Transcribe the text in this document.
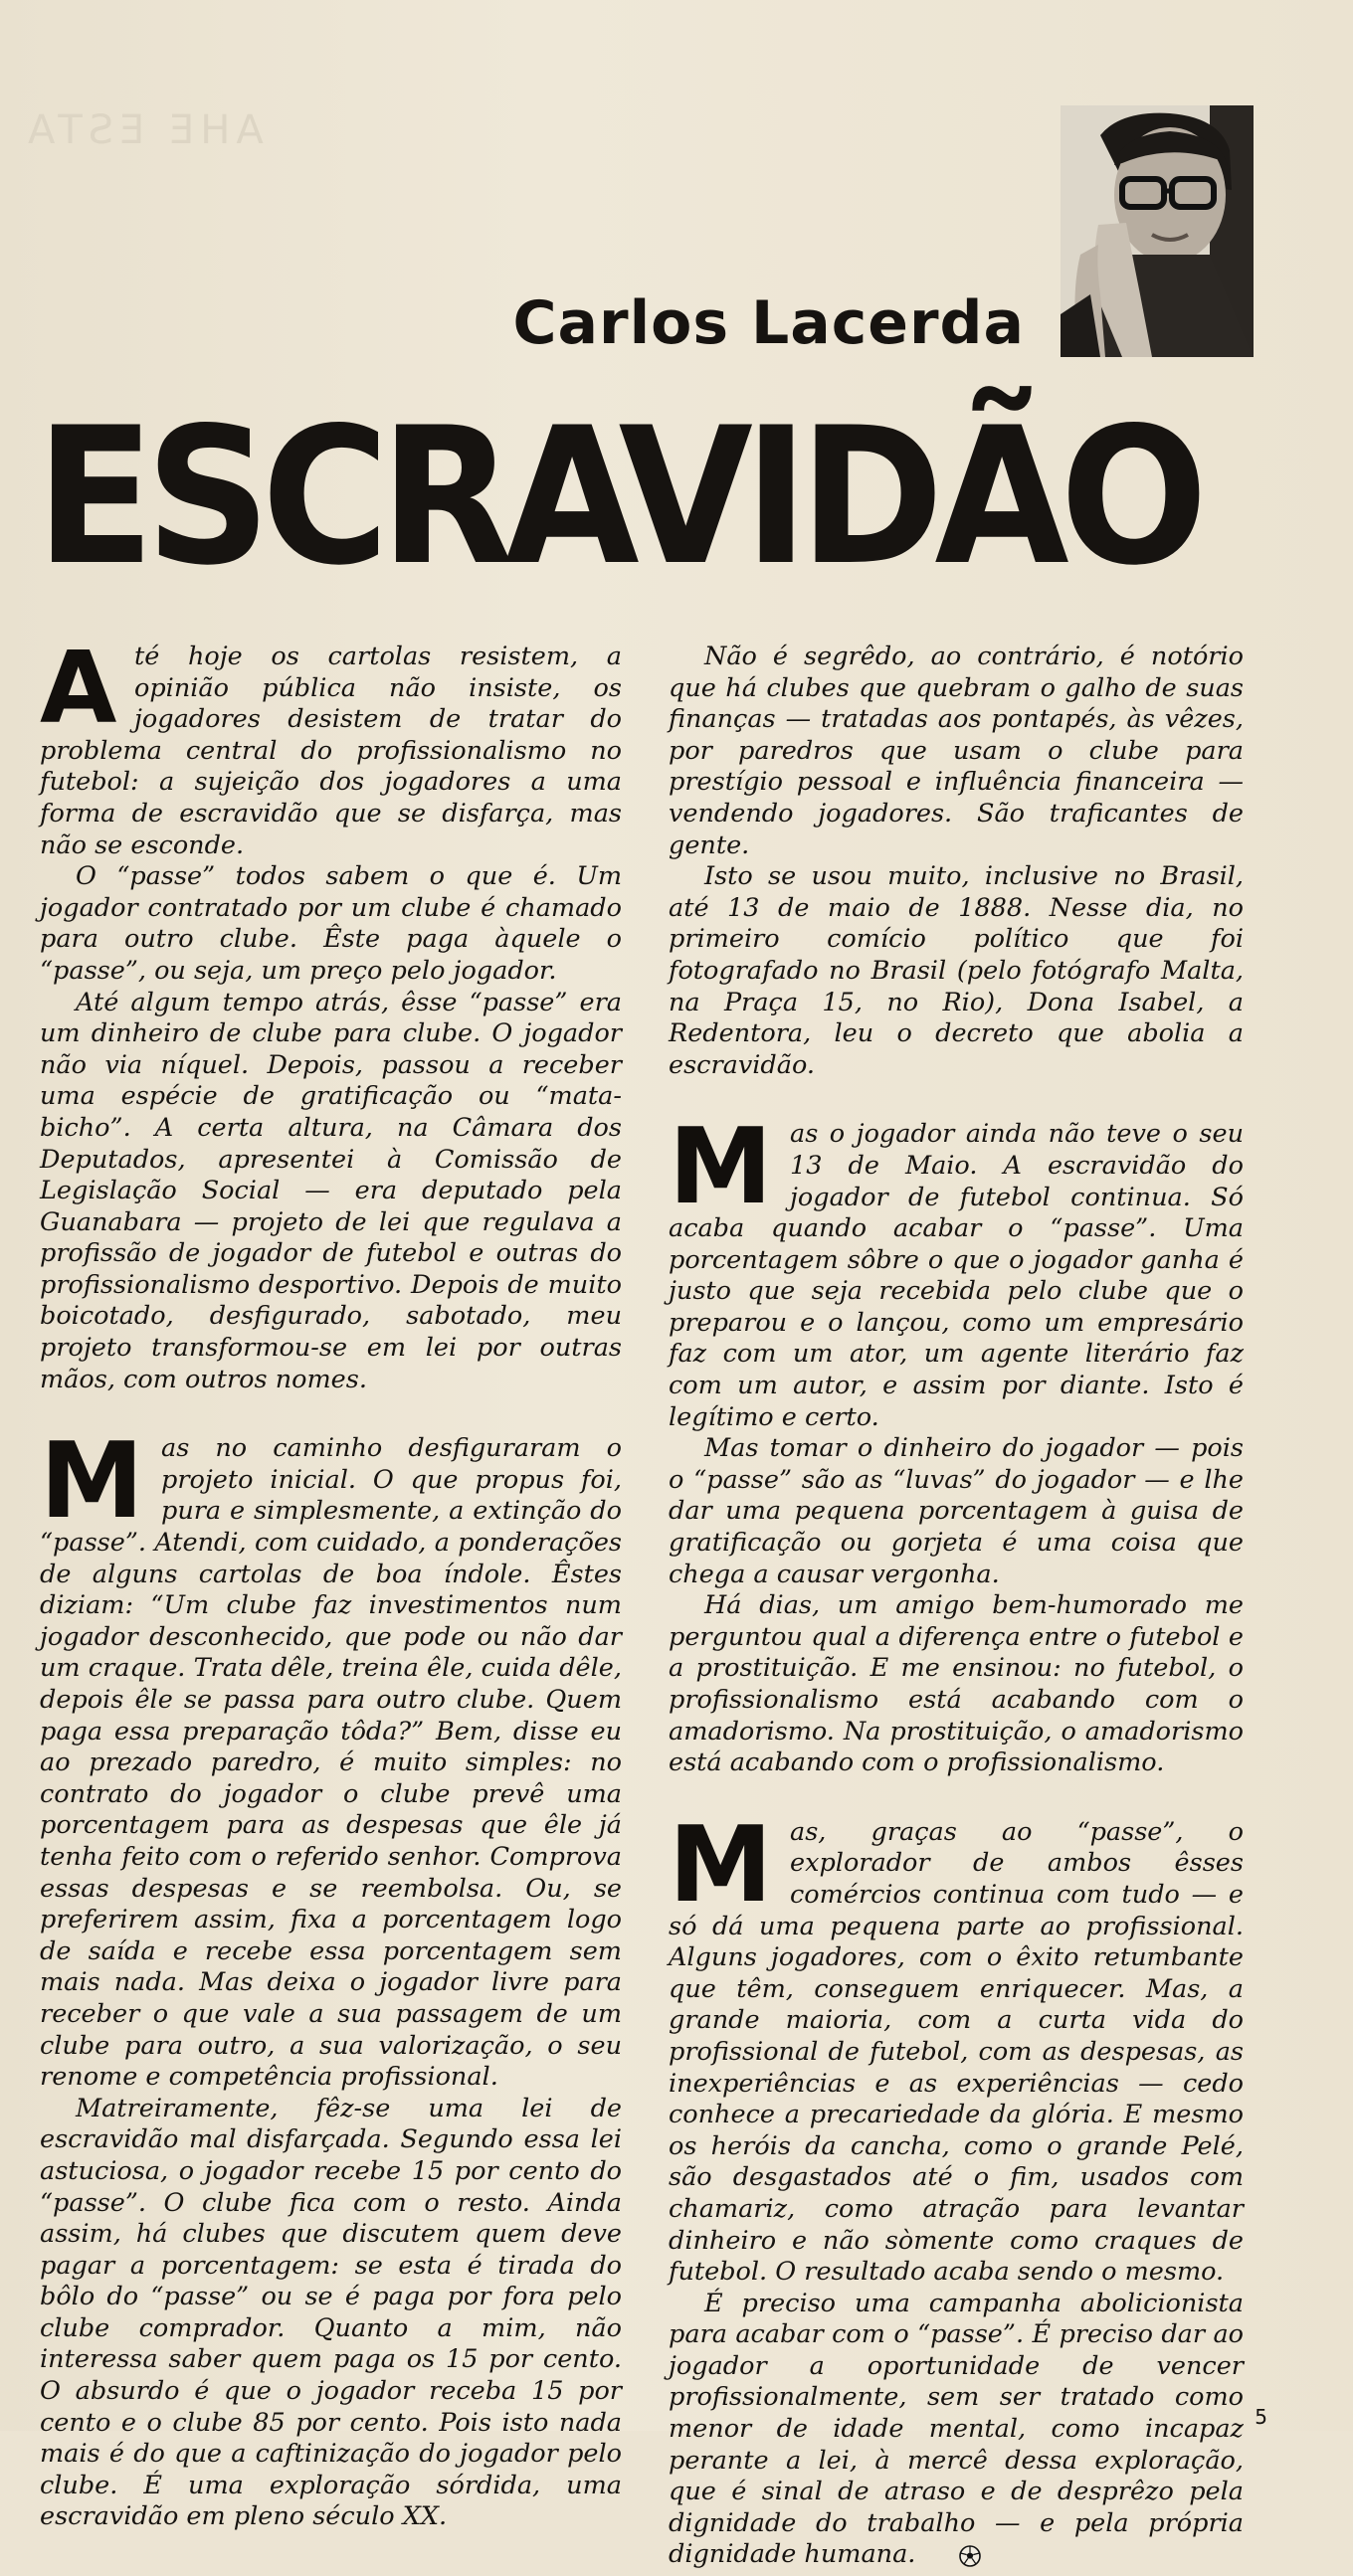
AHE ESTA
Carlos Lacerda
ESCRAVIDÃO
A té hoje os cartolas resistem, a opinião pública não insiste, os jogadores desistem de tratar do problema central do profissionalismo no futebol: a sujeição dos jogadores a uma forma de escravidão que se disfarça, mas não se esconde.

O “passe” todos sabem o que é. Um jogador contratado por um clube é chamado para outro clube. Êste paga àquele o “passe”, ou seja, um preço pelo jogador.

Até algum tempo atrás, êsse “passe” era um dinheiro de clube para clube. O jogador não via níquel. Depois, passou a receber uma espécie de gratificação ou “mata-bicho”. A certa altura, na Câmara dos Deputados, apresentei à Comissão de Legislação Social — era deputado pela Guanabara — projeto de lei que regulava a profissão de jogador de futebol e outras do profissionalismo desportivo. Depois de muito boicotado, desfigurado, sabotado, meu projeto transformou-se em lei por outras mãos, com outros nomes.

M as no caminho desfiguraram o projeto inicial. O que propus foi, pura e simplesmente, a extinção do “passe”. Atendi, com cuidado, a ponderações de alguns cartolas de boa índole. Êstes diziam: “Um clube faz investimentos num jogador desconhecido, que pode ou não dar um craque. Trata dêle, treina êle, cuida dêle, depois êle se passa para outro clube. Quem paga essa preparação tôda?” Bem, disse eu ao prezado paredro, é muito simples: no contrato do jogador o clube prevê uma porcentagem para as despesas que êle já tenha feito com o referido senhor. Comprova essas despesas e se reembolsa. Ou, se preferirem assim, fixa a porcentagem logo de saída e recebe essa porcentagem sem mais nada. Mas deixa o jogador livre para receber o que vale a sua passagem de um clube para outro, a sua valorização, o seu renome e competência profissional.

Matreiramente, fêz-se uma lei de escravidão mal disfarçada. Segundo essa lei astuciosa, o jogador recebe 15 por cento do “passe”. O clube fica com o resto. Ainda assim, há clubes que discutem quem deve pagar a porcentagem: se esta é tirada do bôlo do “passe” ou se é paga por fora pelo clube comprador. Quanto a mim, não interessa saber quem paga os 15 por cento. O absurdo é que o jogador receba 15 por cento e o clube 85 por cento. Pois isto nada mais é do que a caftinização do jogador pelo clube. É uma exploração sórdida, uma escravidão em pleno século XX.

Não é segrêdo, ao contrário, é notório que há clubes que quebram o galho de suas finanças — tratadas aos pontapés, às vêzes, por paredros que usam o clube para prestígio pessoal e influência financeira — vendendo jogadores. São traficantes de gente.

Isto se usou muito, inclusive no Brasil, até 13 de maio de 1888. Nesse dia, no primeiro comício político que foi fotografado no Brasil (pelo fotógrafo Malta, na Praça 15, no Rio), Dona Isabel, a Redentora, leu o decreto que abolia a escravidão.

M as o jogador ainda não teve o seu 13 de Maio. A escravidão do jogador de futebol continua. Só acaba quando acabar o “passe”. Uma porcentagem sôbre o que o jogador ganha é justo que seja recebida pelo clube que o preparou e o lançou, como um empresário faz com um ator, um agente literário faz com um autor, e assim por diante. Isto é legítimo e certo.

Mas tomar o dinheiro do jogador — pois o “passe” são as “luvas” do jogador — e lhe dar uma pequena porcentagem à guisa de gratificação ou gorjeta é uma coisa que chega a causar vergonha.

Há dias, um amigo bem-humorado me perguntou qual a diferença entre o futebol e a prostituição. E me ensinou: no futebol, o profissionalismo está acabando com o amadorismo. Na prostituição, o amadorismo está acabando com o profissionalismo.

M as, graças ao “passe”, o explorador de ambos êsses comércios continua com tudo — e só dá uma pequena parte ao profissional. Alguns jogadores, com o êxito retumbante que têm, conseguem enriquecer. Mas, a grande maioria, com a curta vida do profissional de futebol, com as despesas, as inexperiências e as experiências — cedo conhece a precariedade da glória. E mesmo os heróis da cancha, como o grande Pelé, são desgastados até o fim, usados com chamariz, como atração para levantar dinheiro e não sòmente como craques de futebol. O resultado acaba sendo o mesmo.

É preciso uma campanha abolicionista para acabar com o “passe”. É preciso dar ao jogador a oportunidade de vencer profissionalmente, sem ser tratado como menor de idade mental, como incapaz perante a lei, à mercê dessa exploração, que é sinal de atraso e de desprêzo pela dignidade do trabalho — e pela própria dignidade humana.

5
